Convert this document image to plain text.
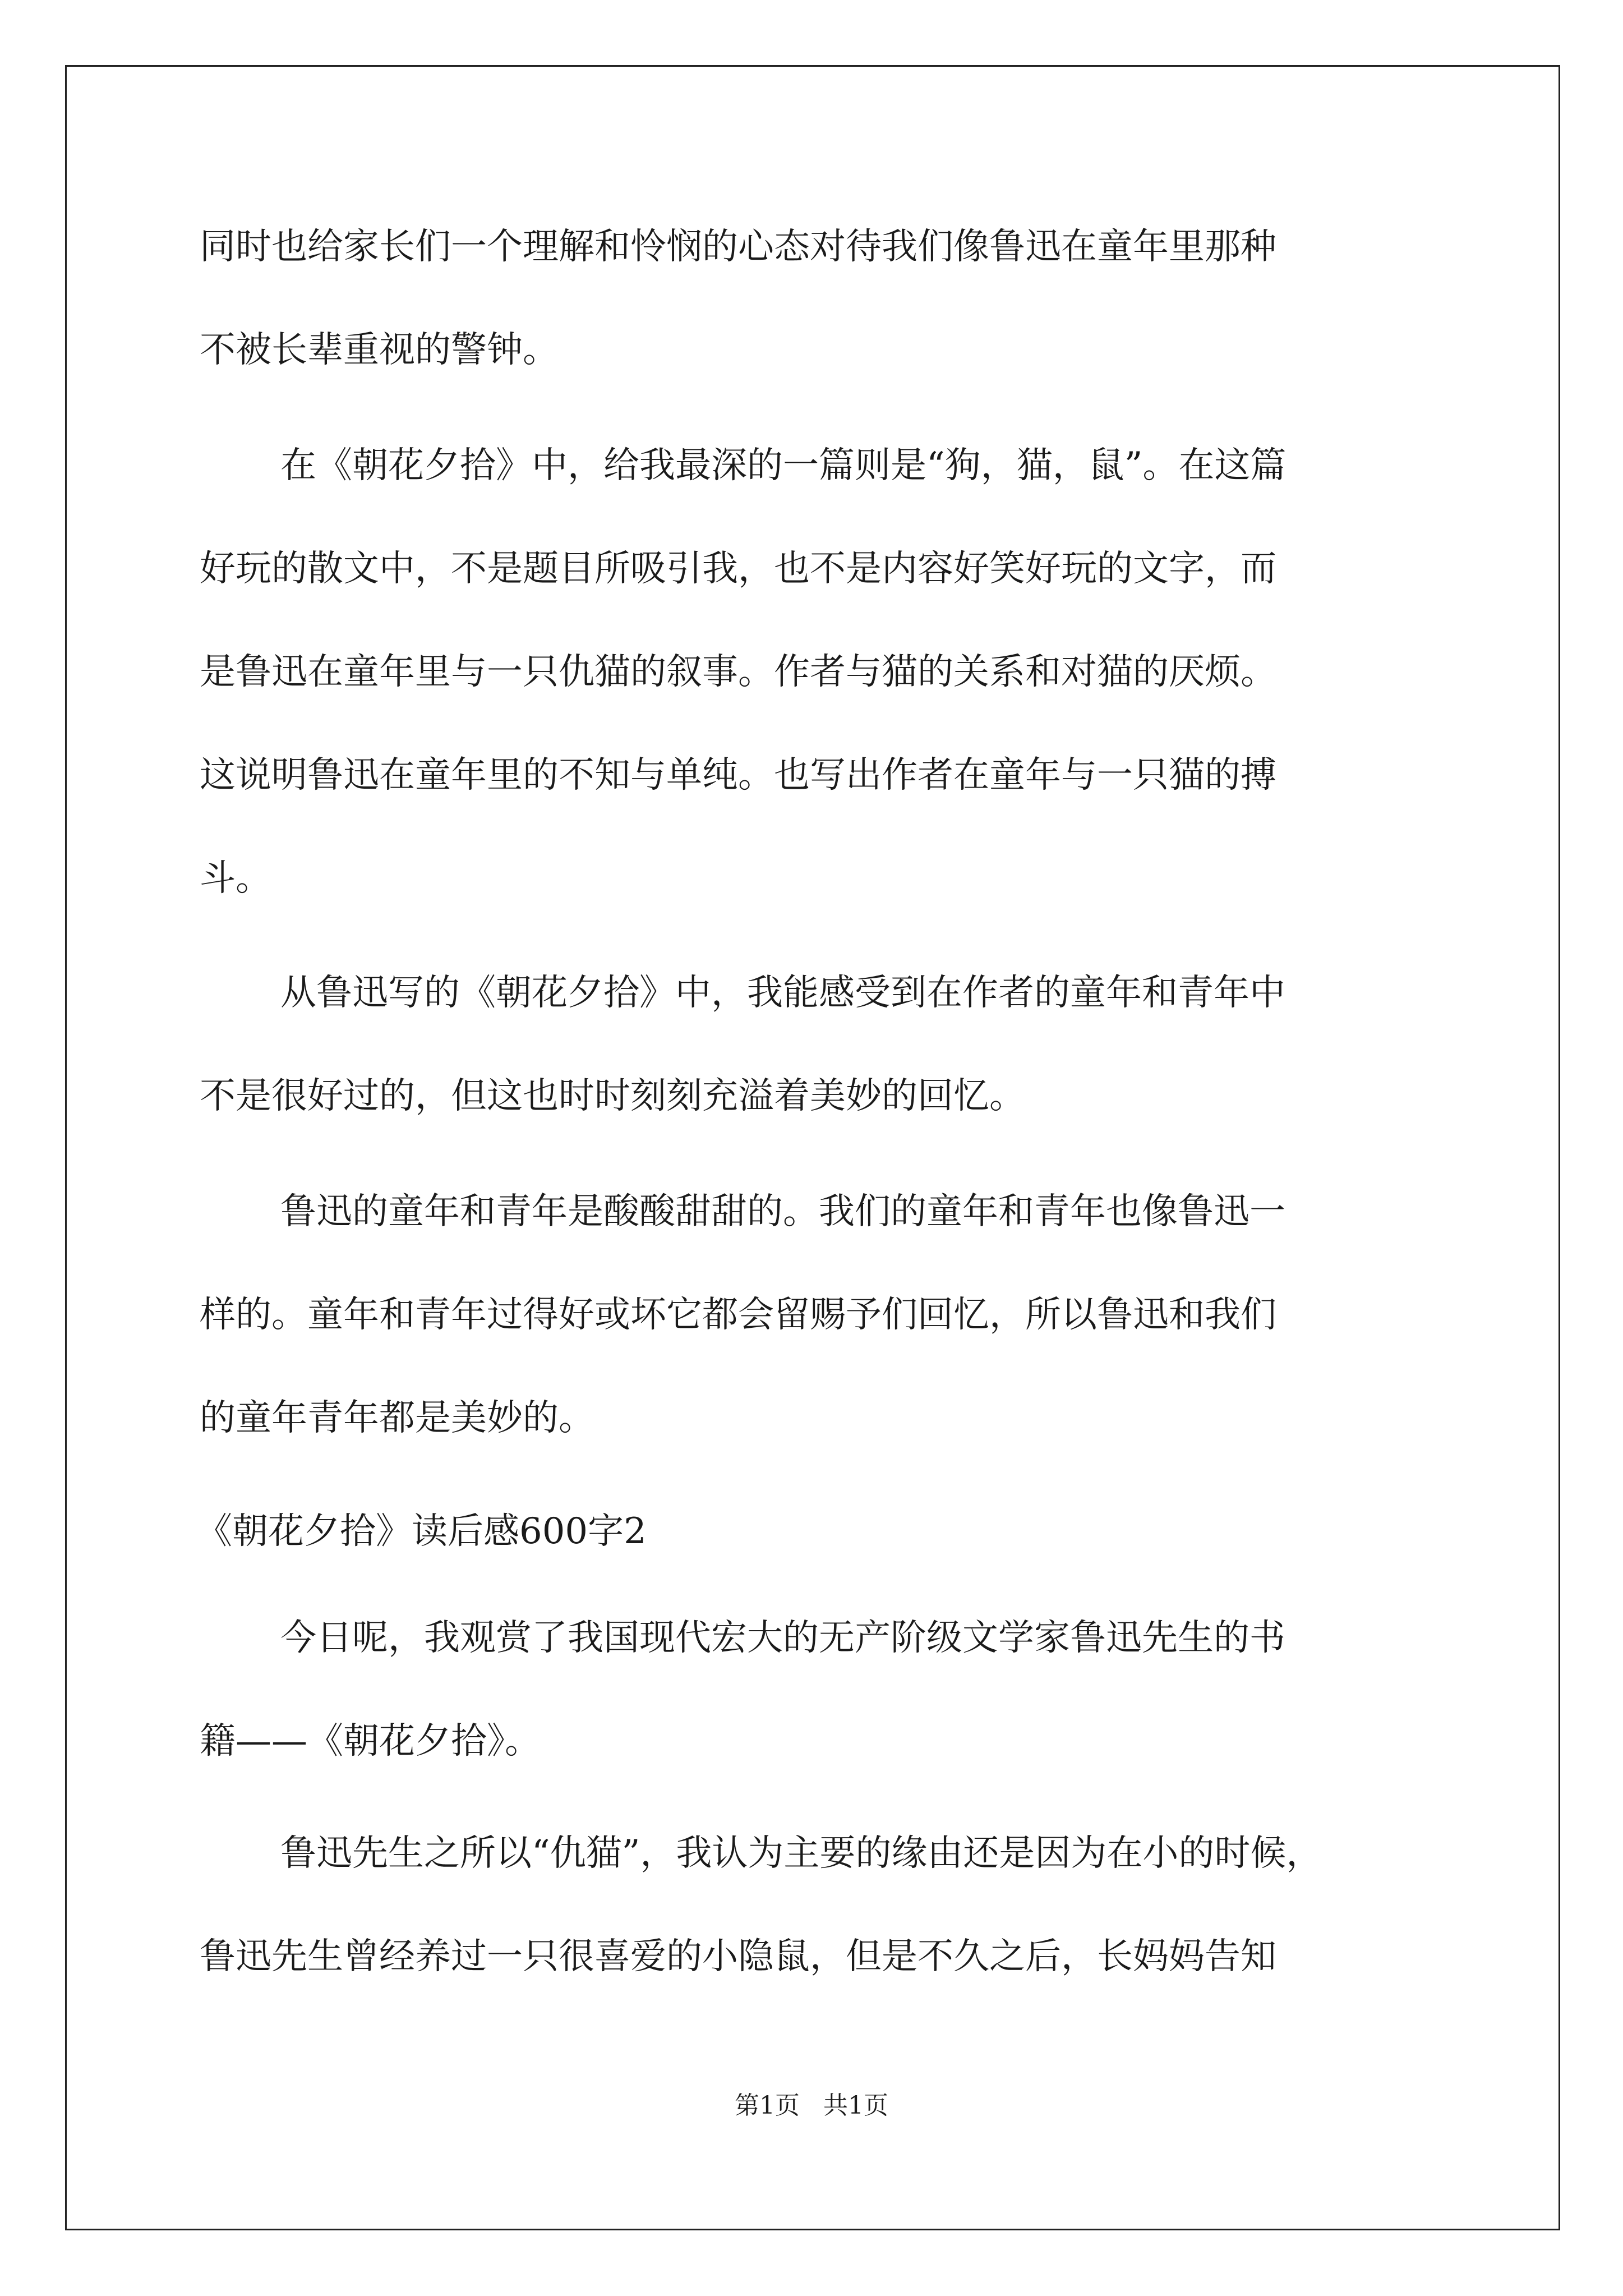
同时也给家长们一个理解和怜悯的心态对待我们像鲁迅在童年里那种
不被长辈重视的警钟。
在《朝花夕拾》中，给我最深的一篇则是“狗，猫，鼠”。在这篇
好玩的散文中，不是题目所吸引我，也不是内容好笑好玩的文字，而
是鲁迅在童年里与一只仇猫的叙事。作者与猫的关系和对猫的厌烦。
这说明鲁迅在童年里的不知与单纯。也写出作者在童年与一只猫的搏
斗。
从鲁迅写的《朝花夕拾》中，我能感受到在作者的童年和青年中
不是很好过的，但这也时时刻刻充溢着美妙的回忆。
鲁迅的童年和青年是酸酸甜甜的。我们的童年和青年也像鲁迅一
样的。童年和青年过得好或坏它都会留赐予们回忆，所以鲁迅和我们
的童年青年都是美妙的。
《朝花夕拾》读后感600字2
今日呢，我观赏了我国现代宏大的无产阶级文学家鲁迅先生的书
籍——《朝花夕拾》。
鲁迅先生之所以“仇猫”，我认为主要的缘由还是因为在小的时候，
鲁迅先生曾经养过一只很喜爱的小隐鼠，但是不久之后，长妈妈告知
第1页   共1页
